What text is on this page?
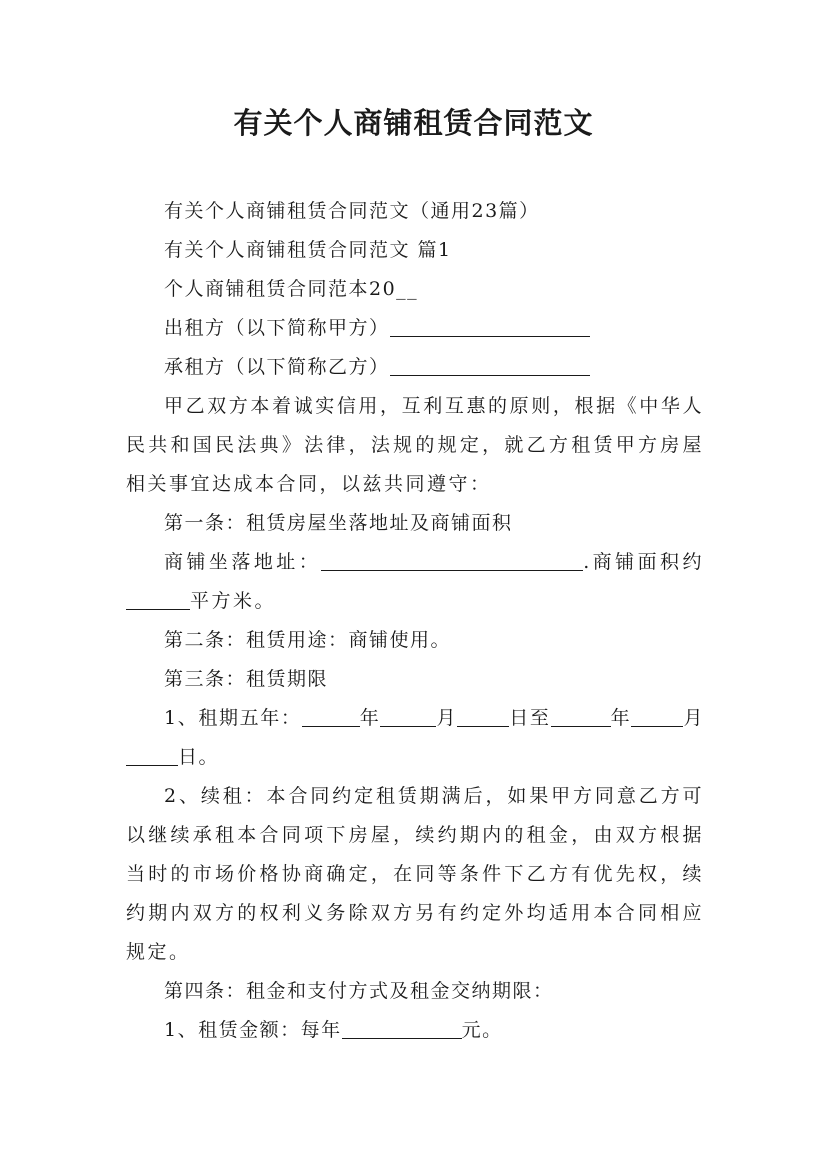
有关个人商铺租赁合同范文

有关个人商铺租赁合同范文（通用23篇）

有关个人商铺租赁合同范文 篇1

个人商铺租赁合同范本20__

出租方（以下简称甲方）

承租方（以下简称乙方）

甲乙双方本着诚实信用，互利互惠的原则，根据《中华人民共和国民法典》法律，法规的规定，就乙方租赁甲方房屋相关事宜达成本合同，以兹共同遵守：

第一条：租赁房屋坐落地址及商铺面积

商铺坐落地址：	.商铺面积约平方米。

第二条：租赁用途：商铺使用。

第三条：租赁期限

1、租期五年：	年	月	日至	年	月日。

2、续租：本合同约定租赁期满后，如果甲方同意乙方可以继续承租本合同项下房屋，续约期内的租金，由双方根据当时的市场价格协商确定，在同等条件下乙方有优先权，续约期内双方的权利义务除双方另有约定外均适用本合同相应规定。

第四条：租金和支付方式及租金交纳期限：

1、租赁金额：每年	元。
